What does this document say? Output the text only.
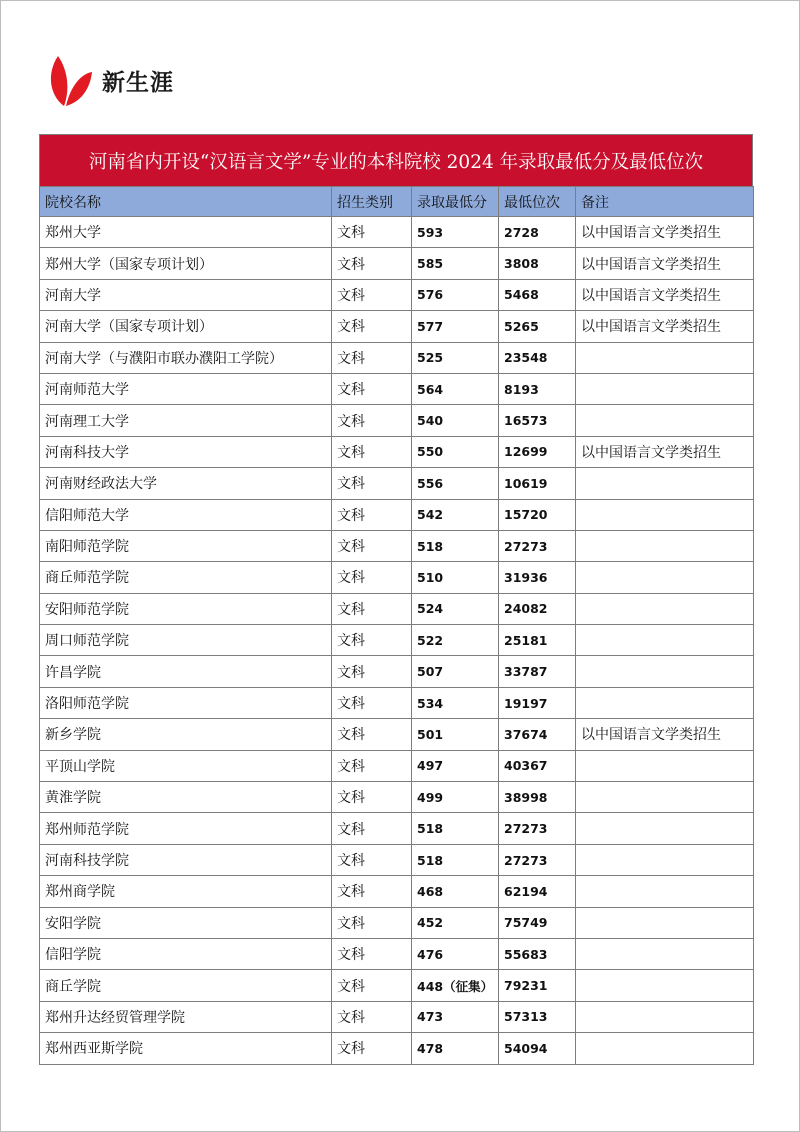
新生涯
河南省内开设“汉语言文学”专业的本科院校 2024 年录取最低分及最低位次
院校名称	招生类别	录取最低分	最低位次	备注
郑州大学	文科	593	2728	以中国语言文学类招生
郑州大学（国家专项计划）	文科	585	3808	以中国语言文学类招生
河南大学	文科	576	5468	以中国语言文学类招生
河南大学（国家专项计划）	文科	577	5265	以中国语言文学类招生
河南大学（与濮阳市联办濮阳工学院）	文科	525	23548	
河南师范大学	文科	564	8193	
河南理工大学	文科	540	16573	
河南科技大学	文科	550	12699	以中国语言文学类招生
河南财经政法大学	文科	556	10619	
信阳师范大学	文科	542	15720	
南阳师范学院	文科	518	27273	
商丘师范学院	文科	510	31936	
安阳师范学院	文科	524	24082	
周口师范学院	文科	522	25181	
许昌学院	文科	507	33787	
洛阳师范学院	文科	534	19197	
新乡学院	文科	501	37674	以中国语言文学类招生
平顶山学院	文科	497	40367	
黄淮学院	文科	499	38998	
郑州师范学院	文科	518	27273	
河南科技学院	文科	518	27273	
郑州商学院	文科	468	62194	
安阳学院	文科	452	75749	
信阳学院	文科	476	55683	
商丘学院	文科	448（征集）	79231	
郑州升达经贸管理学院	文科	473	57313	
郑州西亚斯学院	文科	478	54094	
